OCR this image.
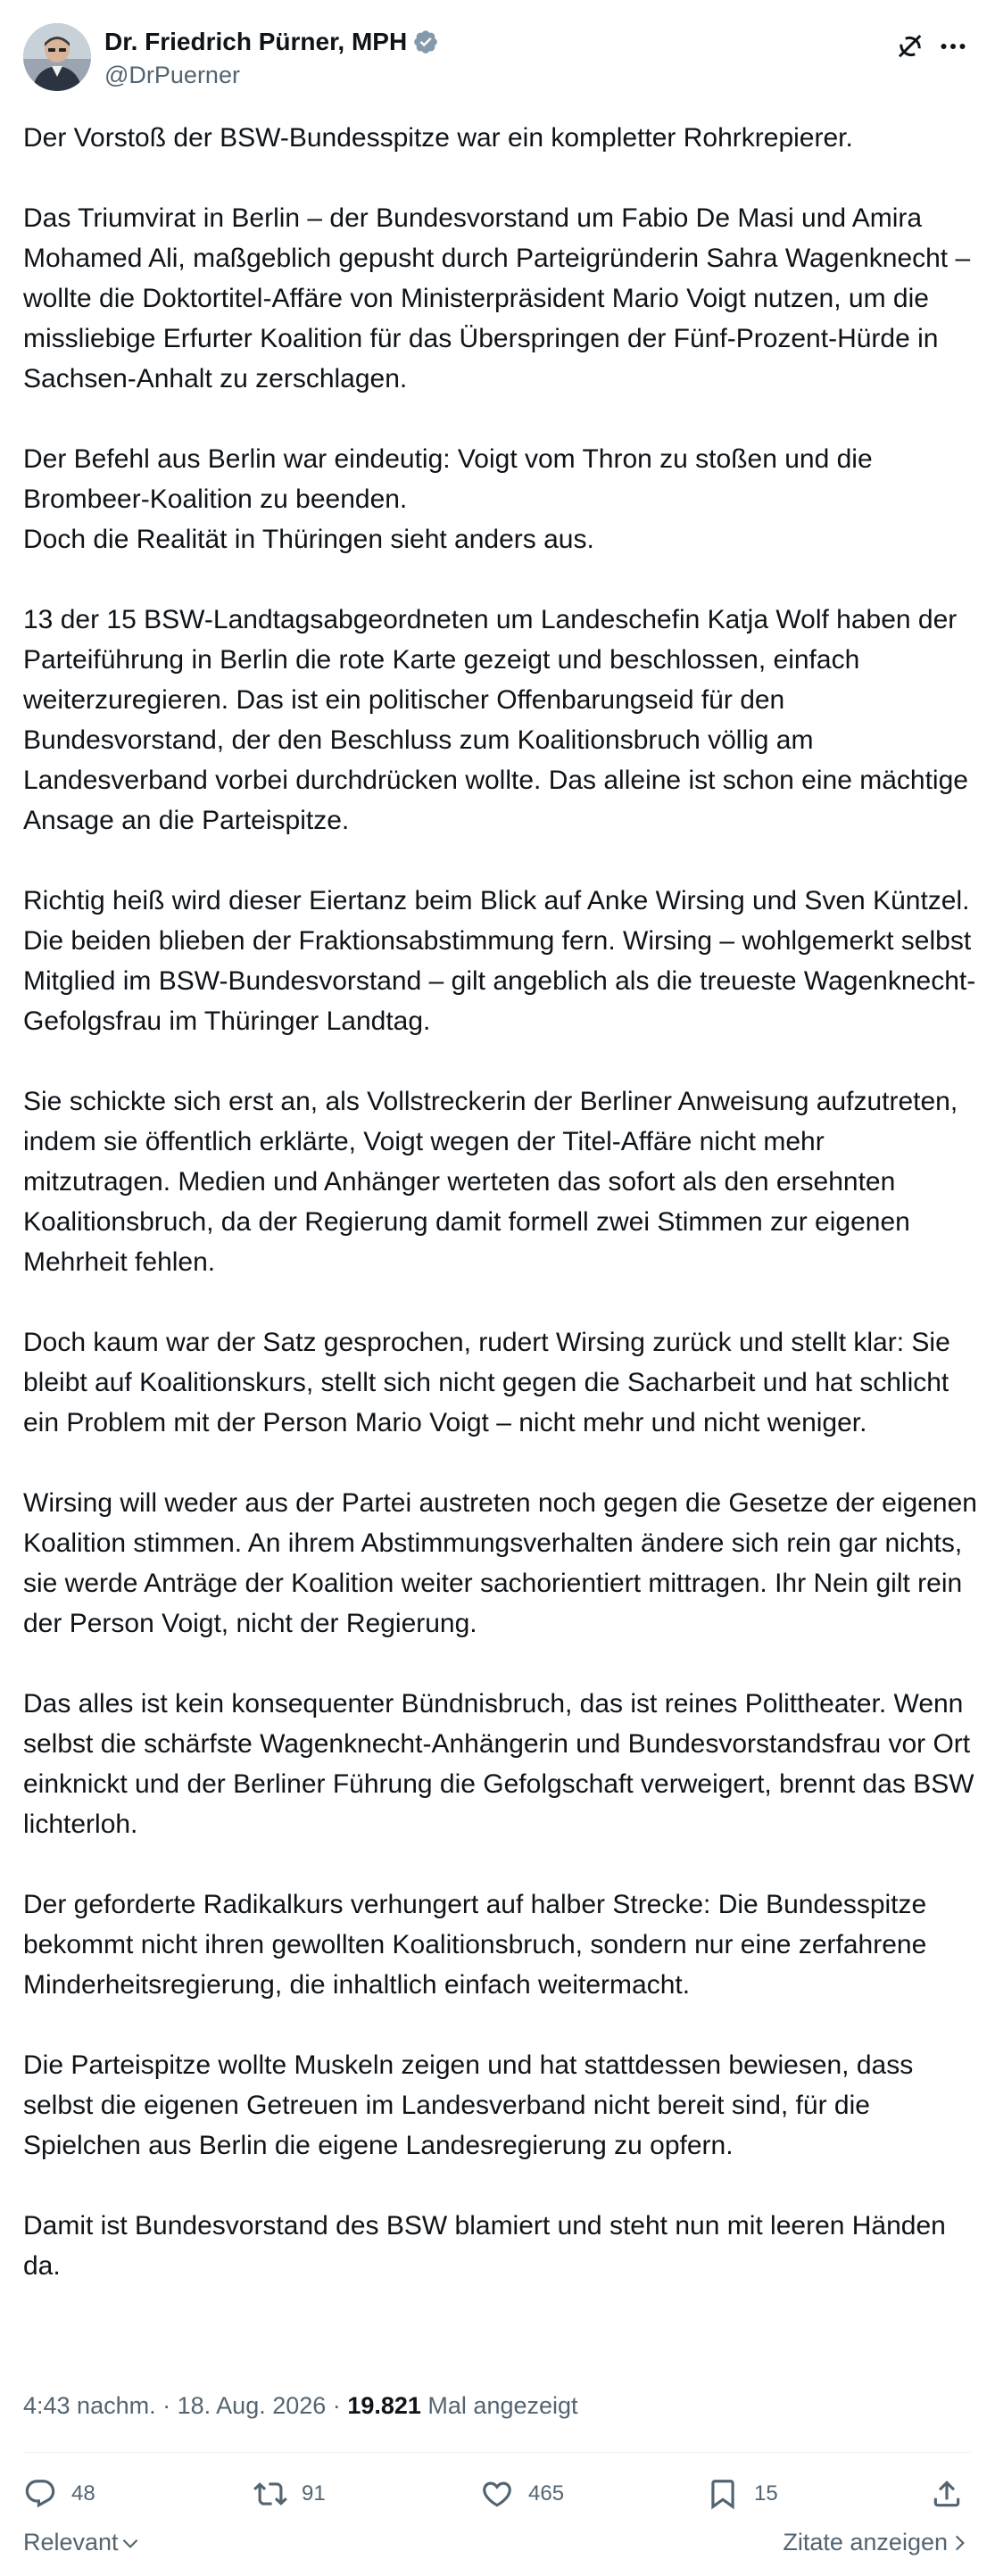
Dr. Friedrich Pürner, MPH
@DrPuerner

Der Vorstoß der BSW-Bundesspitze war ein kompletter Rohrkrepierer.

Das Triumvirat in Berlin – der Bundesvorstand um Fabio De Masi und Amira Mohamed Ali, maßgeblich gepusht durch Parteigründerin Sahra Wagenknecht – wollte die Doktortitel-Affäre von Ministerpräsident Mario Voigt nutzen, um die missliebige Erfurter Koalition für das Überspringen der Fünf-Prozent-Hürde in Sachsen-Anhalt zu zerschlagen.

Der Befehl aus Berlin war eindeutig: Voigt vom Thron zu stoßen und die Brombeer-Koalition zu beenden.
Doch die Realität in Thüringen sieht anders aus.

13 der 15 BSW-Landtagsabgeordneten um Landeschefin Katja Wolf haben der Parteiführung in Berlin die rote Karte gezeigt und beschlossen, einfach weiterzuregieren. Das ist ein politischer Offenbarungseid für den Bundesvorstand, der den Beschluss zum Koalitionsbruch völlig am Landesverband vorbei durchdrücken wollte. Das alleine ist schon eine mächtige Ansage an die Parteispitze.

Richtig heiß wird dieser Eiertanz beim Blick auf Anke Wirsing und Sven Küntzel. Die beiden blieben der Fraktionsabstimmung fern. Wirsing – wohlgemerkt selbst Mitglied im BSW-Bundesvorstand – gilt angeblich als die treueste Wagenknecht-Gefolgsfrau im Thüringer Landtag.

Sie schickte sich erst an, als Vollstreckerin der Berliner Anweisung aufzutreten, indem sie öffentlich erklärte, Voigt wegen der Titel-Affäre nicht mehr mitzutragen. Medien und Anhänger werteten das sofort als den ersehnten Koalitionsbruch, da der Regierung damit formell zwei Stimmen zur eigenen Mehrheit fehlen.

Doch kaum war der Satz gesprochen, rudert Wirsing zurück und stellt klar: Sie bleibt auf Koalitionskurs, stellt sich nicht gegen die Sacharbeit und hat schlicht ein Problem mit der Person Mario Voigt – nicht mehr und nicht weniger.

Wirsing will weder aus der Partei austreten noch gegen die Gesetze der eigenen Koalition stimmen. An ihrem Abstimmungsverhalten ändere sich rein gar nichts, sie werde Anträge der Koalition weiter sachorientiert mittragen. Ihr Nein gilt rein der Person Voigt, nicht der Regierung.

Das alles ist kein konsequenter Bündnisbruch, das ist reines Polittheater. Wenn selbst die schärfste Wagenknecht-Anhängerin und Bundesvorstandsfrau vor Ort einknickt und der Berliner Führung die Gefolgschaft verweigert, brennt das BSW lichterloh.

Der geforderte Radikalkurs verhungert auf halber Strecke: Die Bundesspitze bekommt nicht ihren gewollten Koalitionsbruch, sondern nur eine zerfahrene Minderheitsregierung, die inhaltlich einfach weitermacht.

Die Parteispitze wollte Muskeln zeigen und hat stattdessen bewiesen, dass selbst die eigenen Getreuen im Landesverband nicht bereit sind, für die Spielchen aus Berlin die eigene Landesregierung zu opfern.

Damit ist Bundesvorstand des BSW blamiert und steht nun mit leeren Händen da.

4:43 nachm. · 18. Aug. 2026 · 19.821 Mal angezeigt
48	91	465	15
Relevant	Zitate anzeigen
